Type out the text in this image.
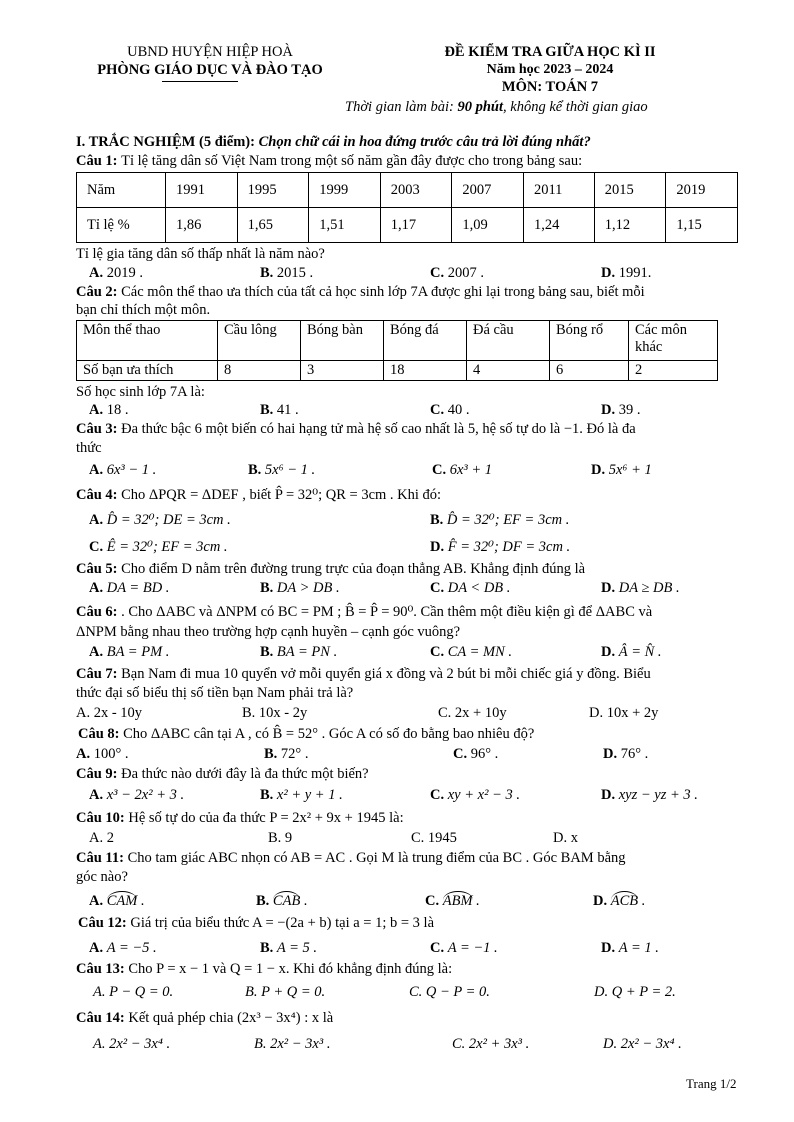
UBND HUYỆN HIỆP HOÀ
PHÒNG GIÁO DỤC VÀ ĐÀO TẠO
ĐỀ KIỂM TRA GIỮA HỌC KÌ II
Năm học 2023 – 2024
MÔN: TOÁN 7
Thời gian làm bài: 90 phút, không kể thời gian giao
I. TRẮC NGHIỆM (5 điểm): Chọn chữ cái in hoa đứng trước câu trả lời đúng nhất?
Câu 1: Tỉ lệ tăng dân số Việt Nam trong một số năm gần đây được cho trong bảng sau:
Năm	1991	1995	1999	2003	2007	2011	2015	2019
Tỉ lệ %	1,86	1,65	1,51	1,17	1,09	1,24	1,12	1,15
Tỉ lệ gia tăng dân số thấp nhất là năm nào?
A. 2019 .	B. 2015 .	C. 2007 .	D. 1991.
Câu 2: Các môn thể thao ưa thích của tất cả học sinh lớp 7A được ghi lại trong bảng sau, biết mỗi
bạn chỉ thích một môn.
Môn thể thao	Cầu lông	Bóng bàn	Bóng đá	Đá cầu	Bóng rổ	Các môn khác
Số bạn ưa thích	8	3	18	4	6	2
Số học sinh lớp 7A là:
A. 18 .	B. 41 .	C. 40 .	D. 39 .
Câu 3: Đa thức bậc 6 một biến có hai hạng tử mà hệ số cao nhất là 5, hệ số tự do là −1. Đó là đa
thức
A. 6x³ − 1 .	B. 5x⁶ − 1 .	C. 6x³ + 1	D. 5x⁶ + 1
Câu 4: Cho ΔPQR = ΔDEF , biết P̂ = 32⁰; QR = 3cm . Khi đó:
A. D̂ = 32⁰; DE = 3cm .	B. D̂ = 32⁰; EF = 3cm .
C. Ê = 32⁰; EF = 3cm .	D. F̂ = 32⁰; DF = 3cm .
Câu 5: Cho điểm D nằm trên đường trung trực của đoạn thẳng AB. Khẳng định đúng là
A. DA = BD .	B. DA > DB .	C. DA < DB .	D. DA ≥ DB .
Câu 6: . Cho ΔABC và ΔNPM có BC = PM ; B̂ = P̂ = 90⁰. Cần thêm một điều kiện gì để ΔABC và
ΔNPM bằng nhau theo trường hợp cạnh huyền – cạnh góc vuông?
A. BA = PM .	B. BA = PN .	C. CA = MN .	D. Â = N̂ .
Câu 7: Bạn Nam đi mua 10 quyển vở mỗi quyển giá x đồng và 2 bút bi mỗi chiếc giá y đồng. Biểu
thức đại số biểu thị số tiền bạn Nam phải trả là?
A. 2x - 10y	B. 10x - 2y	C. 2x + 10y	D. 10x + 2y
Câu 8: Cho ΔABC cân tại A , có B̂ = 52° . Góc A có số đo bằng bao nhiêu độ?
A. 100° .	B. 72° .	C. 96° .	D. 76° .
Câu 9: Đa thức nào dưới đây là đa thức một biến?
A. x³ − 2x² + 3 .	B. x² + y + 1 .	C. xy + x² − 3 .	D. xyz − yz + 3 .
Câu 10: Hệ số tự do của đa thức P = 2x² + 9x + 1945 là:
A. 2	B. 9	C. 1945	D. x
Câu 11: Cho tam giác ABC nhọn có AB = AC . Gọi M là trung điểm của BC . Góc BAM bằng
góc nào?
A. CAM .	B. CAB .	C. ABM .	D. ACB .
Câu 12: Giá trị của biểu thức A = −(2a + b) tại a = 1; b = 3 là
A. A = −5 .	B. A = 5 .	C. A = −1 .	D. A = 1 .
Câu 13: Cho P = x − 1 và Q = 1 − x. Khi đó khẳng định đúng là:
A. P − Q = 0.	B. P + Q = 0.	C. Q − P = 0.	D. Q + P = 2.
Câu 14: Kết quả phép chia (2x³ − 3x⁴) : x là
A. 2x² − 3x⁴ .	B. 2x² − 3x³ .	C. 2x² + 3x³ .	D. 2x² − 3x⁴ .
Trang 1/2
